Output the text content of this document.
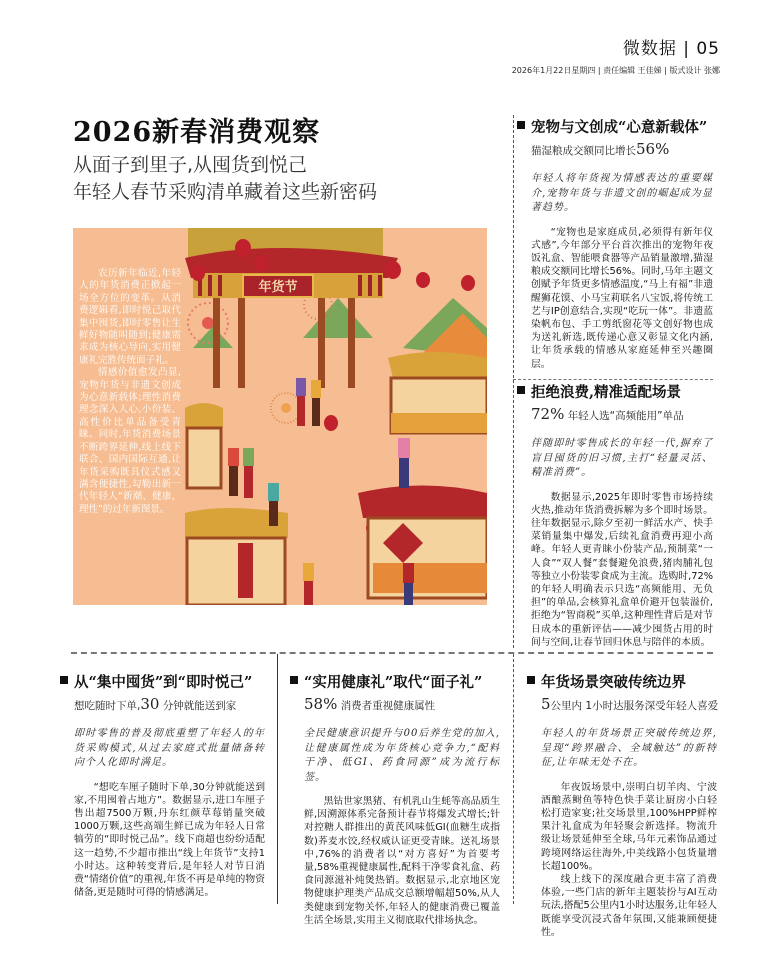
微数据 | 05
2026年1月22日星期四 | 责任编辑 王佳娣 | 版式设计 张娜
2026新春消费观察
从面子到里子,从囤货到悦己
年轻人春节采购清单藏着这些新密码
年货节

农历新年临近,年轻人的年货消费正掀起一场全方位的变革。从消费逻辑看,即时悦己取代集中囤货,即时零售让生鲜好物随叫随到;健康需求成为核心导向,实用健康礼完胜传统面子礼。

情感价值愈发凸显,宠物年货与非遗文创成为心意新载体;理性消费理念深入人心,小份装、高性价比单品备受青睐。同时,年货消费场景不断跨界延伸,线上线下联合、国内国际互通,让年货采购既具仪式感又满含便捷性,勾勒出新一代年轻人“新潮、健康、理性”的过年新图景。

宠物与文创成“心意新载体”
猫湿粮成交额同比增长56%
年轻人将年货视为情感表达的重要媒介,宠物年货与非遗文创的崛起成为显著趋势。

“宠物也是家庭成员,必须得有新年仪式感”,今年部分平台首次推出的宠物年夜饭礼盒、智能喂食器等产品销量激增,猫湿粮成交额同比增长56%。同时,马年主题文创赋予年货更多情感温度,“马上有福”非遗醒狮花馍、小马宝莉联名八宝饭,将传统工艺与IP创意结合,实现“吃玩一体”。非遗蓝染帆布包、手工剪纸窗花等文创好物也成为送礼新选,既传递心意又彰显文化内涵,让年货承载的情感从家庭延伸至兴趣圈层。

拒绝浪费,精准适配场景
72% 年轻人选“高频能用”单品
伴随即时零售成长的年轻一代,摒弃了盲目囤货的旧习惯,主打“轻量灵活、精准消费”。

数据显示,2025年即时零售市场持续火热,推动年货消费拆解为多个即时场景。往年数据显示,除夕至初一鲜活水产、快手菜销量集中爆发,后续礼盒消费再迎小高峰。年轻人更青睐小份装产品,预制菜“一人食”“双人餐”套餐避免浪费,猪肉脯礼包等独立小份装零食成为主流。选购时,72%的年轻人明确表示只选“高频能用、无负担”的单品,会核算礼盒单价避开包装溢价,拒绝为“智商税”买单,这种理性背后是对节日成本的重新评估——减少囤货占用的时间与空间,让春节回归休息与陪伴的本质。

从“集中囤货”到“即时悦己”
想吃随时下单,30 分钟就能送到家
即时零售的普及彻底重塑了年轻人的年货采购模式,从过去家庭式批量储备转向个人化即时满足。

“想吃车厘子随时下单,30分钟就能送到家,不用囤着占地方”。数据显示,进口车厘子售出超7500万颗,丹东红颜草莓销量突破1000万颗,这些高端生鲜已成为年轻人日常犒劳的“即时悦己品”。线下商超也纷纷适配这一趋势,不少超市推出“线上年货节”支持1小时达。这种转变背后,是年轻人对节日消费“情绪价值”的重视,年货不再是单纯的物资储备,更是随时可得的情感满足。

“实用健康礼”取代“面子礼”
58% 消费者重视健康属性
全民健康意识提升与00后养生党的加入,让健康属性成为年货核心竞争力,“配料干净、低GI、药食同源”成为流行标签。

黑钻世家黑猪、有机乳山生蚝等高品质生鲜,因溯源体系完备预计春节将爆发式增长;针对控糖人群推出的黄芪风味低GI(血糖生成指数)荞麦水饺,经权威认证更受青睐。送礼场景中,76%的消费者以“对方喜好”为首要考量,58%重视健康属性,配料干净零食礼盒、药食同源滋补炖煲热销。数据显示,北京地区宠物健康护理类产品成交总额增幅超50%,从人类健康到宠物关怀,年轻人的健康消费已覆盖生活全场景,实用主义彻底取代排场执念。

年货场景突破传统边界
5公里内 1小时达服务深受年轻人喜爱
年轻人的年货场景正突破传统边界,呈现“跨界融合、全域触达”的新特征,让年味无处不在。

年夜饭场景中,崇明白切羊肉、宁波酒酿蒸鲥鱼等特色快手菜让厨房小白轻松打造家宴;社交场景里,100%HPP鲜榨果汁礼盒成为年轻聚会新选择。物流升级让场景延伸至全球,马年元素饰品通过跨境网络运往海外,中美线路小包货量增长超100%。

线上线下的深度融合更丰富了消费体验,一些门店的新年主题装扮与AI互动玩法,搭配5公里内1小时达服务,让年轻人既能享受沉浸式备年氛围,又能兼顾便捷性。
